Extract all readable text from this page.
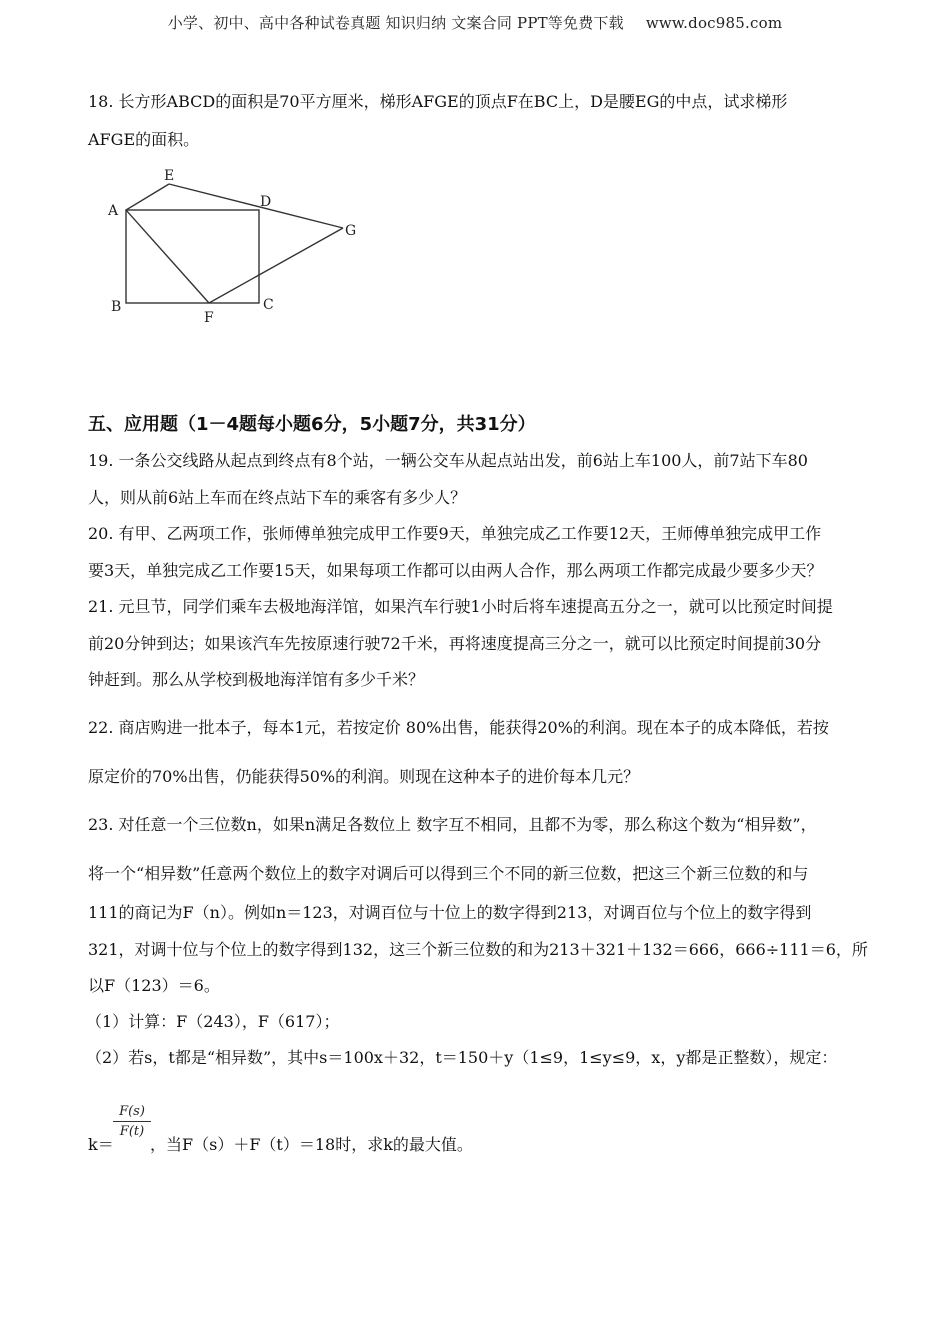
小学、初中、高中各种试卷真题 知识归纳 文案合同 PPT等免费下载 www.doc985.com
18. 长方形ABCD的面积是70平方厘米，梯形AFGE的顶点F在BC上，D是腰EG的中点，试求梯形
AFGE的面积。
A
E
D
G
B	C
F
五、应用题（1－4题每小题6分，5小题7分，共31分）
19. 一条公交线路从起点到终点有8个站，一辆公交车从起点站出发，前6站上车100人，前7站下车80
人，则从前6站上车而在终点站下车的乘客有多少人？
20. 有甲、乙两项工作，张师傅单独完成甲工作要9天，单独完成乙工作要12天，王师傅单独完成甲工作
要3天，单独完成乙工作要15天，如果每项工作都可以由两人合作，那么两项工作都完成最少要多少天？
21. 元旦节，同学们乘车去极地海洋馆，如果汽车行驶1小时后将车速提高五分之一，就可以比预定时间提
前20分钟到达；如果该汽车先按原速行驶72千米，再将速度提高三分之一，就可以比预定时间提前30分
钟赶到。那么从学校到极地海洋馆有多少千米？
22. 商店购进一批本子，每本1元，若按定价 80%出售，能获得20%的利润。现在本子的成本降低，若按
原定价的70%出售，仍能获得50%的利润。则现在这种本子的进价每本几元？
23. 对任意一个三位数n，如果n满足各数位上 数字互不相同，且都不为零，那么称这个数为“相异数”，
将一个“相异数”任意两个数位上的数字对调后可以得到三个不同的新三位数，把这三个新三位数的和与
111的商记为F（n）。例如n＝123，对调百位与十位上的数字得到213，对调百位与个位上的数字得到
321，对调十位与个位上的数字得到132，这三个新三位数的和为213＋321＋132＝666，666÷111＝6，所
以F（123）＝6。
（1）计算：F（243），F（617）；
（2）若s，t都是“相异数”，其中s＝100x＋32，t＝150＋y（1≤9，1≤y≤9，x，y都是正整数），规定：
$\frac{F(s)}{F(t)}$
k＝ ，当F（s）＋F（t）＝18时，求k的最大值。
